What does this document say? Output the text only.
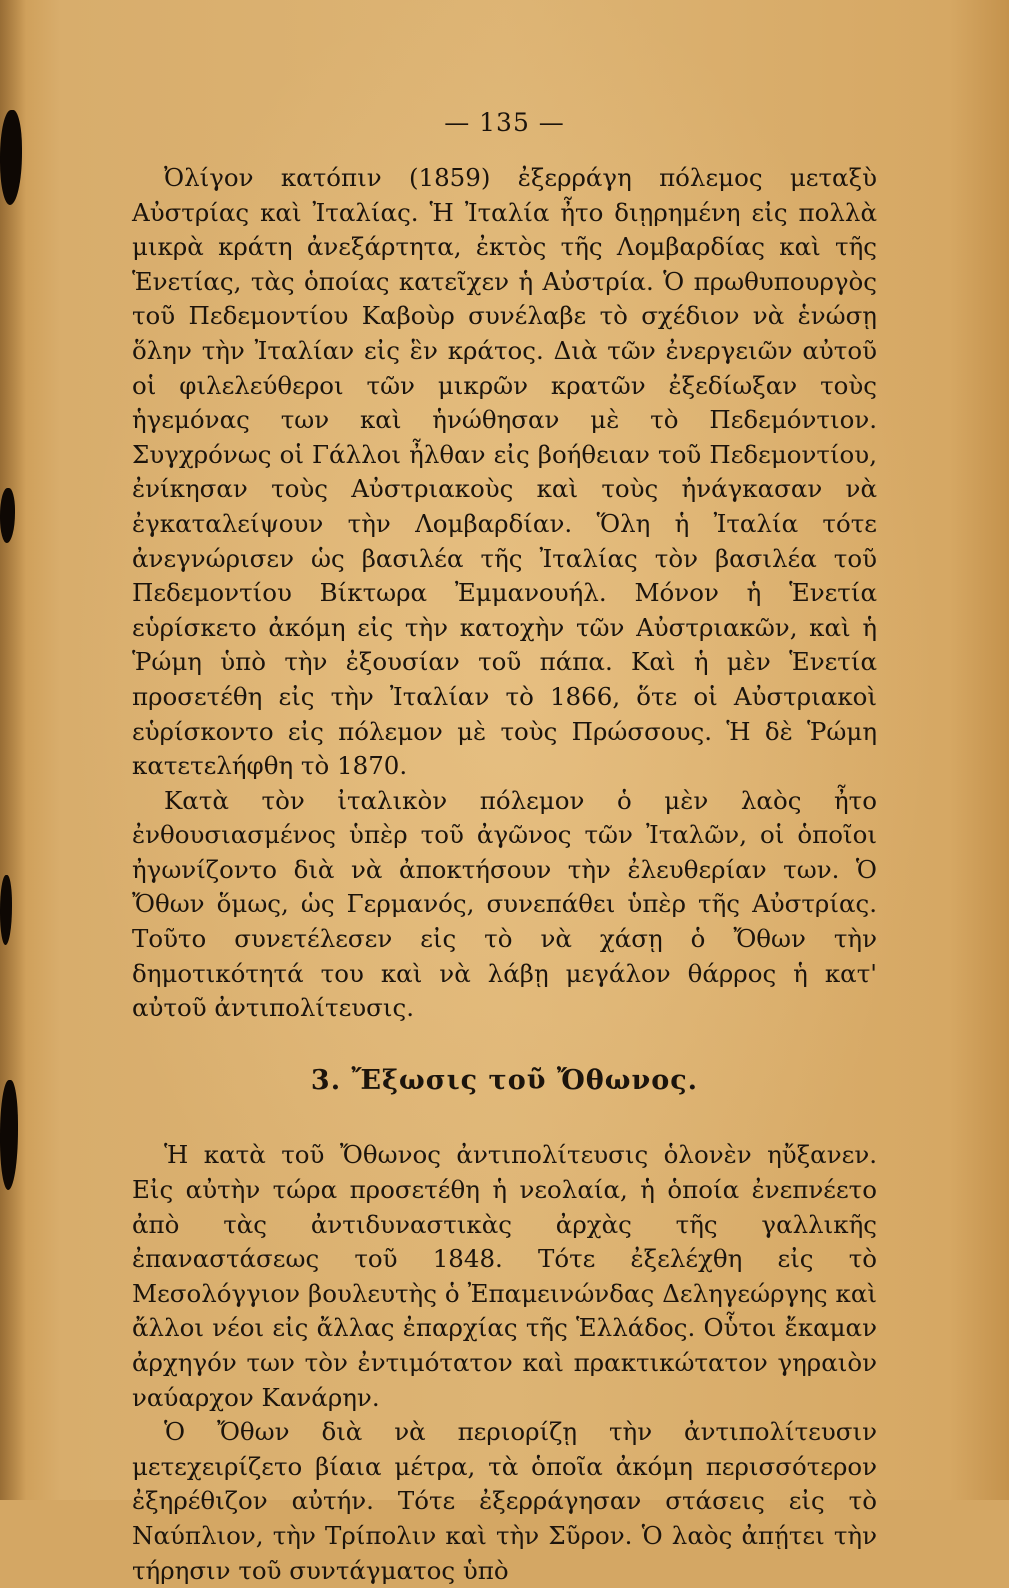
— 135 —

Ὀλίγον κατόπιν (1859) ἐξερράγη πόλεμος μεταξὺ Αὐστρίας καὶ Ἰταλίας. Ἡ Ἰταλία ἦτο διῃρημένη εἰς πολλὰ μικρὰ κράτη ἀνεξάρτητα, ἐκτὸς τῆς Λομβαρδίας καὶ τῆς Ἑνετίας, τὰς ὁποίας κατεῖχεν ἡ Αὐστρία. Ὁ πρωθυπουργὸς τοῦ Πεδεμοντίου Καβοὺρ συνέλαβε τὸ σχέδιον νὰ ἑνώσῃ ὅλην τὴν Ἰταλίαν εἰς ἓν κράτος. Διὰ τῶν ἐνεργειῶν αὐτοῦ οἱ φιλελεύθεροι τῶν μικρῶν κρατῶν ἐξεδίωξαν τοὺς ἡγεμόνας των καὶ ἡνώθησαν μὲ τὸ Πεδεμόντιον. Συγχρόνως οἱ Γάλλοι ἦλθαν εἰς βοήθειαν τοῦ Πεδεμοντίου, ἐνίκησαν τοὺς Αὐστριακοὺς καὶ τοὺς ἠνάγκασαν νὰ ἐγκαταλείψουν τὴν Λομβαρδίαν. Ὅλη ἡ Ἰταλία τότε ἀνεγνώρισεν ὡς βασιλέα τῆς Ἰταλίας τὸν βασιλέα τοῦ Πεδεμοντίου Βίκτωρα Ἐμμανουήλ. Μόνον ἡ Ἑνετία εὑρίσκετο ἀκόμη εἰς τὴν κατοχὴν τῶν Αὐστριακῶν, καὶ ἡ Ῥώμη ὑπὸ τὴν ἐξουσίαν τοῦ πάπα. Καὶ ἡ μὲν Ἑνετία προσετέθη εἰς τὴν Ἰταλίαν τὸ 1866, ὅτε οἱ Αὐστριακοὶ εὑρίσκοντο εἰς πόλεμον μὲ τοὺς Πρώσσους. Ἡ δὲ Ῥώμη κατετελήφθη τὸ 1870.

Κατὰ τὸν ἰταλικὸν πόλεμον ὁ μὲν λαὸς ἦτο ἐνθουσιασμένος ὑπὲρ τοῦ ἀγῶνος τῶν Ἰταλῶν, οἱ ὁποῖοι ἠγωνίζοντο διὰ νὰ ἀποκτήσουν τὴν ἐλευθερίαν των. Ὁ Ὄθων ὅμως, ὡς Γερμανός, συνεπάθει ὑπὲρ τῆς Αὐστρίας. Τοῦτο συνετέλεσεν εἰς τὸ νὰ χάσῃ ὁ Ὄθων τὴν δημοτικότητά του καὶ νὰ λάβῃ μεγάλον θάρρος ἡ κατ' αὐτοῦ ἀντιπολίτευσις.

3. Ἔξωσις τοῦ Ὄθωνος.

Ἡ κατὰ τοῦ Ὄθωνος ἀντιπολίτευσις ὁλονὲν ηὔξανεν. Εἰς αὐτὴν τώρα προσετέθη ἡ νεολαία, ἡ ὁποία ἐνεπνέετο ἀπὸ τὰς ἀντιδυναστικὰς ἀρχὰς τῆς γαλλικῆς ἐπαναστάσεως τοῦ 1848. Τότε ἐξελέχθη εἰς τὸ Μεσολόγγιον βουλευτὴς ὁ Ἐπαμεινώνδας Δεληγεώργης καὶ ἄλλοι νέοι εἰς ἄλλας ἐπαρχίας τῆς Ἑλλάδος. Οὗτοι ἔκαμαν ἀρχηγόν των τὸν ἐντιμότατον καὶ πρακτικώτατον γηραιὸν ναύαρχον Κανάρην.

Ὁ Ὄθων διὰ νὰ περιορίζῃ τὴν ἀντιπολίτευσιν μετεχειρίζετο βίαια μέτρα, τὰ ὁποῖα ἀκόμη περισσότερον ἐξηρέθιζον αὐτήν. Τότε ἐξερράγησαν στάσεις εἰς τὸ Ναύπλιον, τὴν Τρίπολιν καὶ τὴν Σῦρον. Ὁ λαὸς ἀπῄτει τὴν τήρησιν τοῦ συντάγματος ὑπὸ
